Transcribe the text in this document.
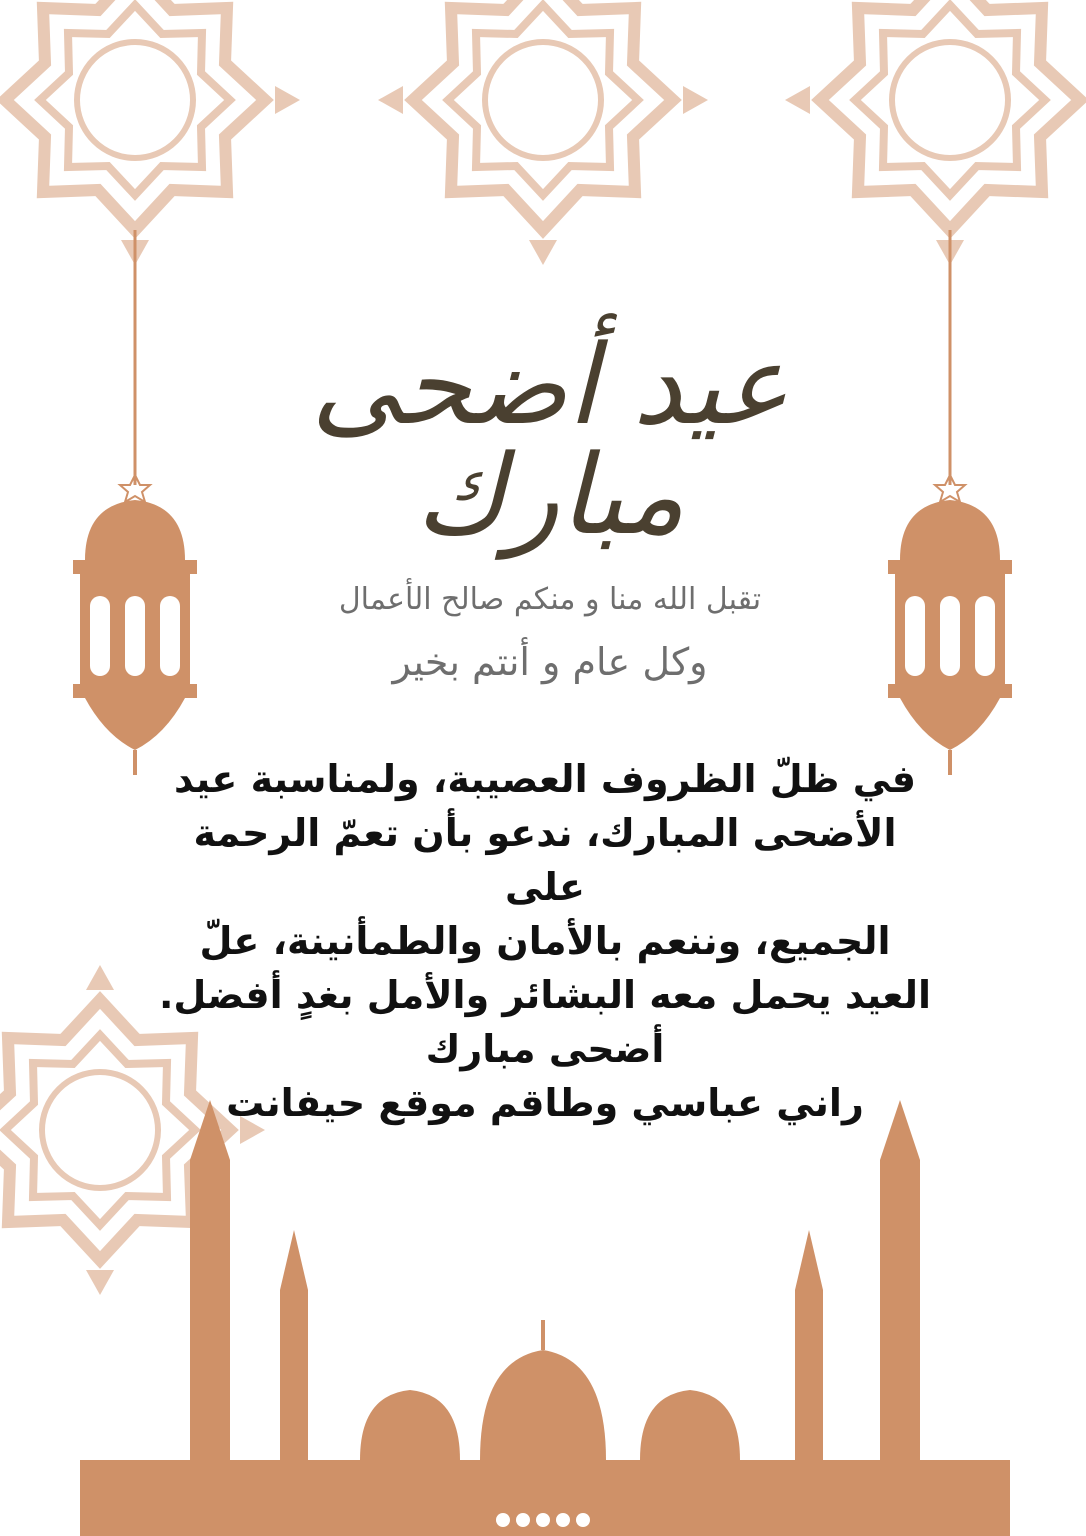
عيد أضحى مبارك
تقبل الله منا و منكم صالح الأعمال
وكل عام و أنتم بخير

في ظلّ الظروف العصيبة، ولمناسبة عيد

الأضحى المبارك، ندعو بأن تعمّ الرحمة على

الجميع، وننعم بالأمان والطمأنينة، علّ

العيد يحمل معه البشائر والأمل بغدٍ أفضل.

أضحى مبارك

راني عباسي وطاقم موقع حيفانت
